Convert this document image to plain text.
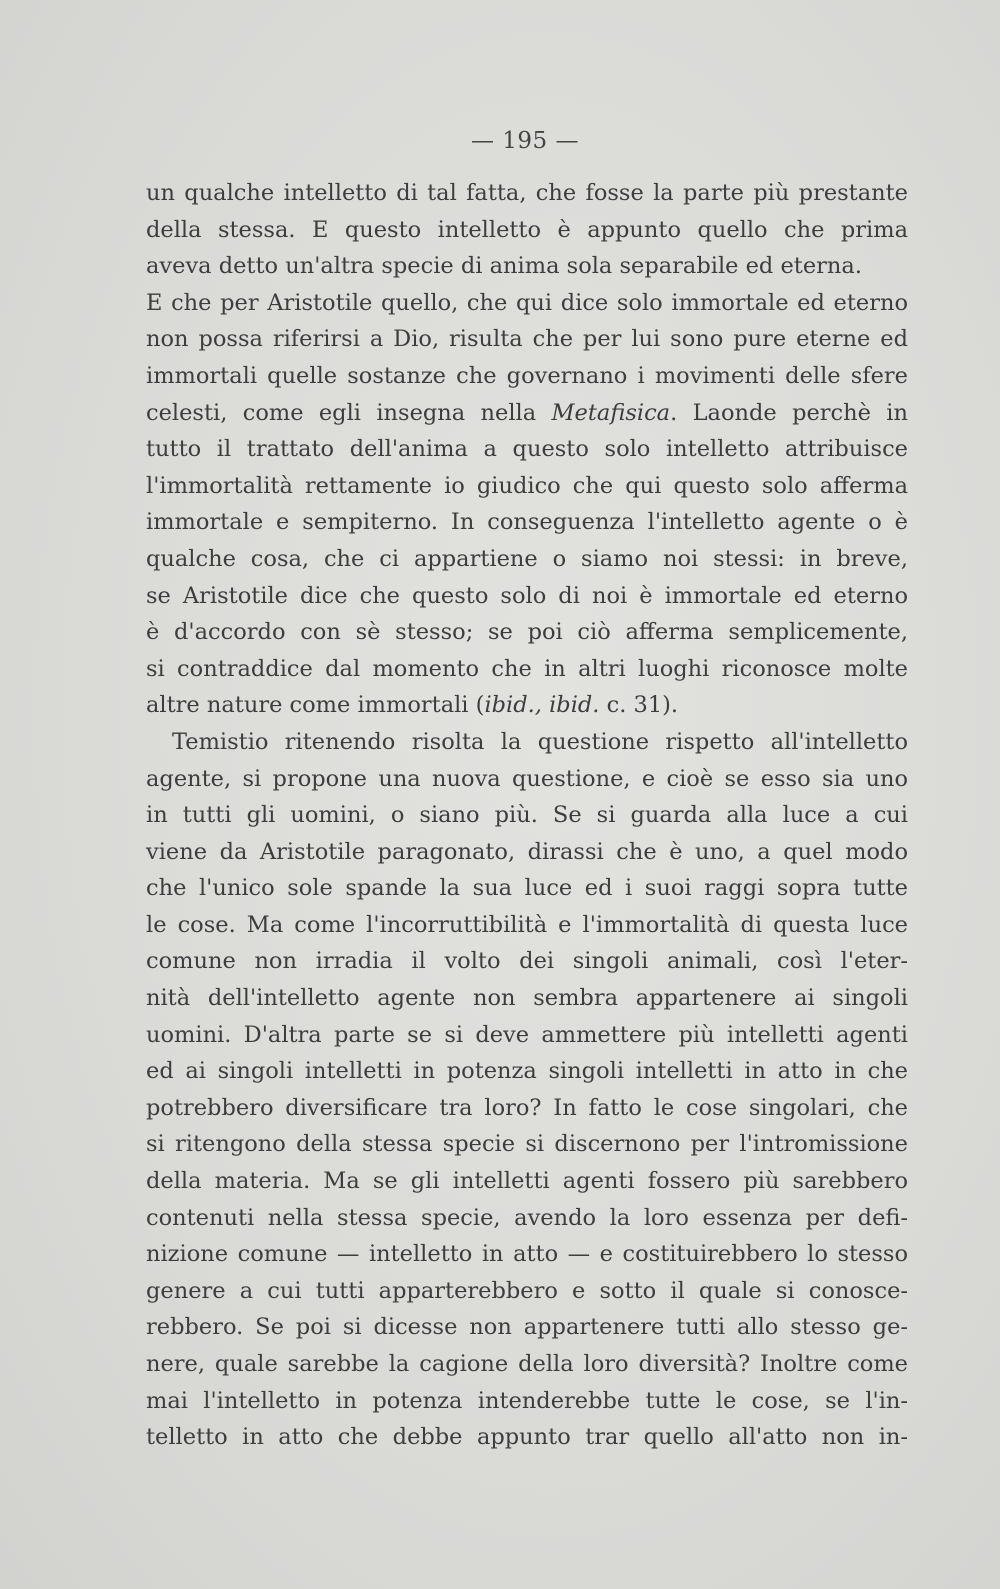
— 195 —
un qualche intelletto di tal fatta, che fosse la parte più prestante
della stessa. E questo intelletto è appunto quello che prima
aveva detto un'altra specie di anima sola separabile ed eterna.
E che per Aristotile quello, che qui dice solo immortale ed eterno
non possa riferirsi a Dio, risulta che per lui sono pure eterne ed
immortali quelle sostanze che governano i movimenti delle sfere
celesti, come egli insegna nella Metafisica. Laonde perchè in
tutto il trattato dell'anima a questo solo intelletto attribuisce
l'immortalità rettamente io giudico che qui questo solo afferma
immortale e sempiterno. In conseguenza l'intelletto agente o è
qualche cosa, che ci appartiene o siamo noi stessi: in breve,
se Aristotile dice che questo solo di noi è immortale ed eterno
è d'accordo con sè stesso; se poi ciò afferma semplicemente,
si contraddice dal momento che in altri luoghi riconosce molte
altre nature come immortali (ibid., ibid. c. 31).
Temistio ritenendo risolta la questione rispetto all'intelletto
agente, si propone una nuova questione, e cioè se esso sia uno
in tutti gli uomini, o siano più. Se si guarda alla luce a cui
viene da Aristotile paragonato, dirassi che è uno, a quel modo
che l'unico sole spande la sua luce ed i suoi raggi sopra tutte
le cose. Ma come l'incorruttibilità e l'immortalità di questa luce
comune non irradia il volto dei singoli animali, così l'eter-
nità dell'intelletto agente non sembra appartenere ai singoli
uomini. D'altra parte se si deve ammettere più intelletti agenti
ed ai singoli intelletti in potenza singoli intelletti in atto in che
potrebbero diversificare tra loro? In fatto le cose singolari, che
si ritengono della stessa specie si discernono per l'intromissione
della materia. Ma se gli intelletti agenti fossero più sarebbero
contenuti nella stessa specie, avendo la loro essenza per defi-
nizione comune — intelletto in atto — e costituirebbero lo stesso
genere a cui tutti apparterebbero e sotto il quale si conosce-
rebbero. Se poi si dicesse non appartenere tutti allo stesso ge-
nere, quale sarebbe la cagione della loro diversità? Inoltre come
mai l'intelletto in potenza intenderebbe tutte le cose, se l'in-
telletto in atto che debbe appunto trar quello all'atto non in-
